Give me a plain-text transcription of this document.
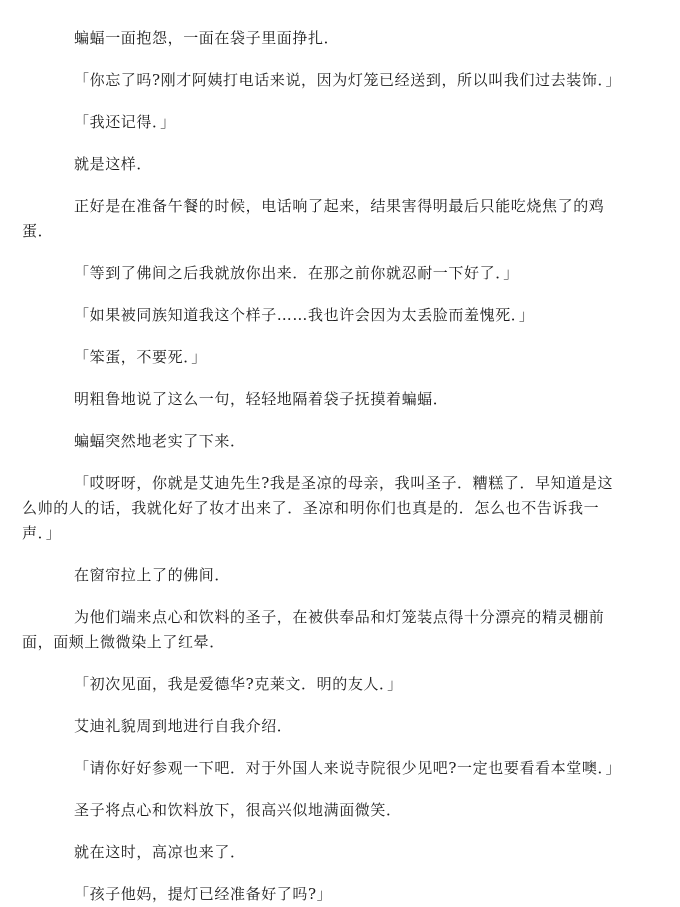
蝙蝠一面抱怨，一面在袋子里面挣扎．

「你忘了吗?刚才阿姨打电话来说，因为灯笼已经送到，所以叫我们过去装饰．」

「我还记得．」

就是这样．

正好是在准备午餐的时候，电话响了起来，结果害得明最后只能吃烧焦了的鸡蛋．

「等到了佛间之后我就放你出来．在那之前你就忍耐一下好了．」

「如果被同族知道我这个样子……我也许会因为太丢脸而羞愧死．」

「笨蛋，不要死．」

明粗鲁地说了这么一句，轻轻地隔着袋子抚摸着蝙蝠．

蝙蝠突然地老实了下来．

「哎呀呀，你就是艾迪先生?我是圣凉的母亲，我叫圣子．糟糕了．早知道是这么帅的人的话，我就化好了妆才出来了．圣凉和明你们也真是的．怎么也不告诉我一声．」

在窗帘拉上了的佛间．

为他们端来点心和饮料的圣子，在被供奉品和灯笼装点得十分漂亮的精灵棚前面，面颊上微微染上了红晕．

「初次见面，我是爱德华?克莱文．明的友人．」

艾迪礼貌周到地进行自我介绍．

「请你好好参观一下吧．对于外国人来说寺院很少见吧?一定也要看看本堂噢．」

圣子将点心和饮料放下，很高兴似地满面微笑．

就在这时，高凉也来了．

「孩子他妈，提灯已经准备好了吗?」
